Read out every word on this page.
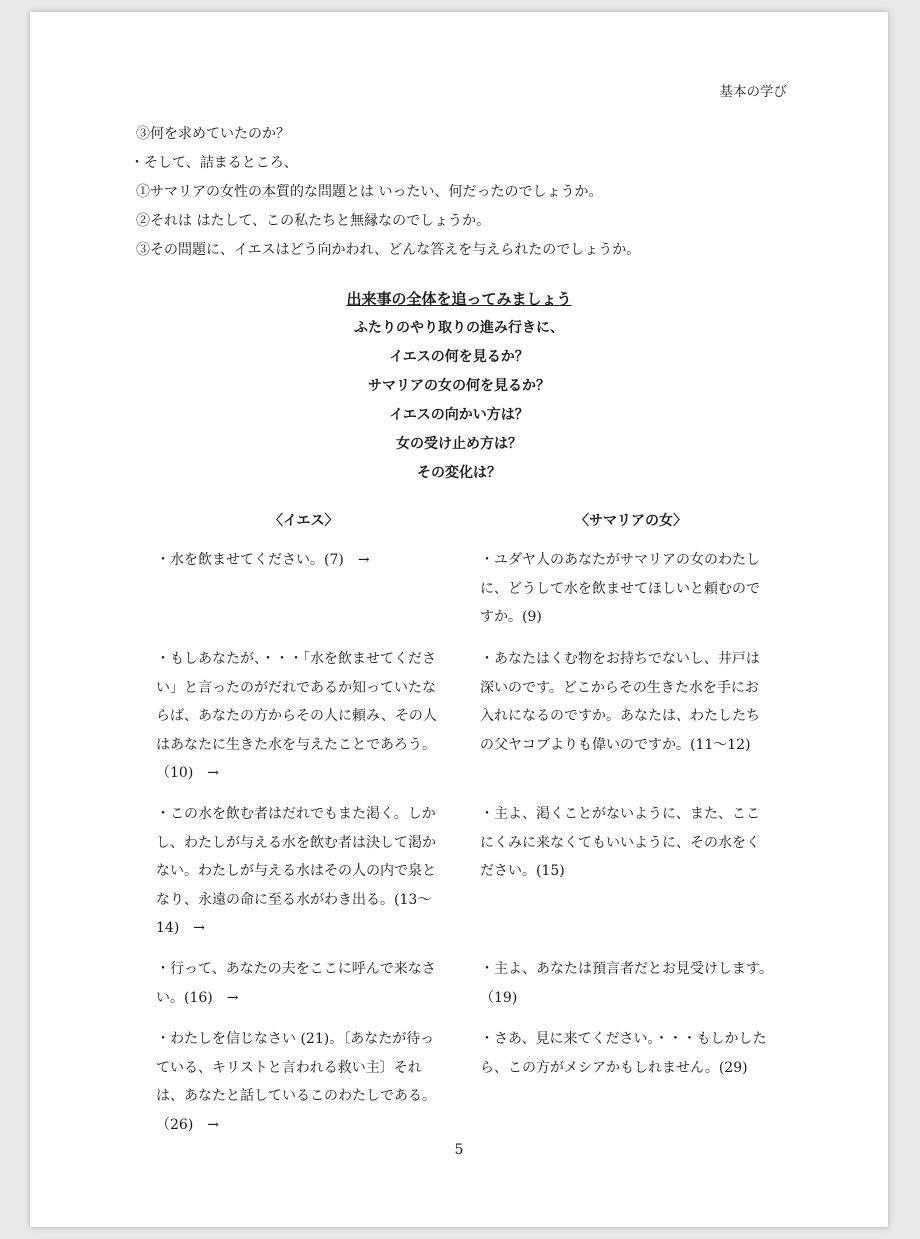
基本の学び
③何を求めていたのか？
・そして、詰まるところ、
①サマリアの女性の本質的な問題とは いったい、何だったのでしょうか。
②それは はたして、この私たちと無縁なのでしょうか。
③その問題に、イエスはどう向かわれ、どんな答えを与えられたのでしょうか。
出来事の全体を追ってみましょう
ふたりのやり取りの進み行きに、
イエスの何を見るか？
サマリアの女の何を見るか？
イエスの向かい方は？
女の受け止め方は？
その変化は？
〈イエス〉	〈サマリアの女〉
・水を飲ませてください。(7)　→	・ユダヤ人のあなたがサマリアの女のわたし
に、どうして水を飲ませてほしいと頼むので
すか。(9)
・もしあなたが、・・・「水を飲ませてくださ
い」と言ったのがだれであるか知っていたな
らば、あなたの方からその人に頼み、その人
はあなたに生きた水を与えたことであろう。
（10)　→
・あなたはくむ物をお持ちでないし、井戸は
深いのです。どこからその生きた水を手にお
入れになるのですか。あなたは、わたしたち
の父ヤコブよりも偉いのですか。(11〜12)
・この水を飲む者はだれでもまた渇く。しか
し、わたしが与える水を飲む者は決して渇か
ない。わたしが与える水はその人の内で泉と
なり、永遠の命に至る水がわき出る。(13〜
14)　→
・主よ、渇くことがないように、また、ここ
にくみに来なくてもいいように、その水をく
ださい。(15)
・行って、あなたの夫をここに呼んで来なさ
い。(16)　→
・主よ、あなたは預言者だとお見受けします。
（19)
・わたしを信じなさい (21)。〔あなたが待っ
ている、キリストと言われる救い主〕それ
は、あなたと話しているこのわたしである。
（26)　→
・さあ、見に来てください。・・・もしかした
ら、この方がメシアかもしれません。(29)
5
